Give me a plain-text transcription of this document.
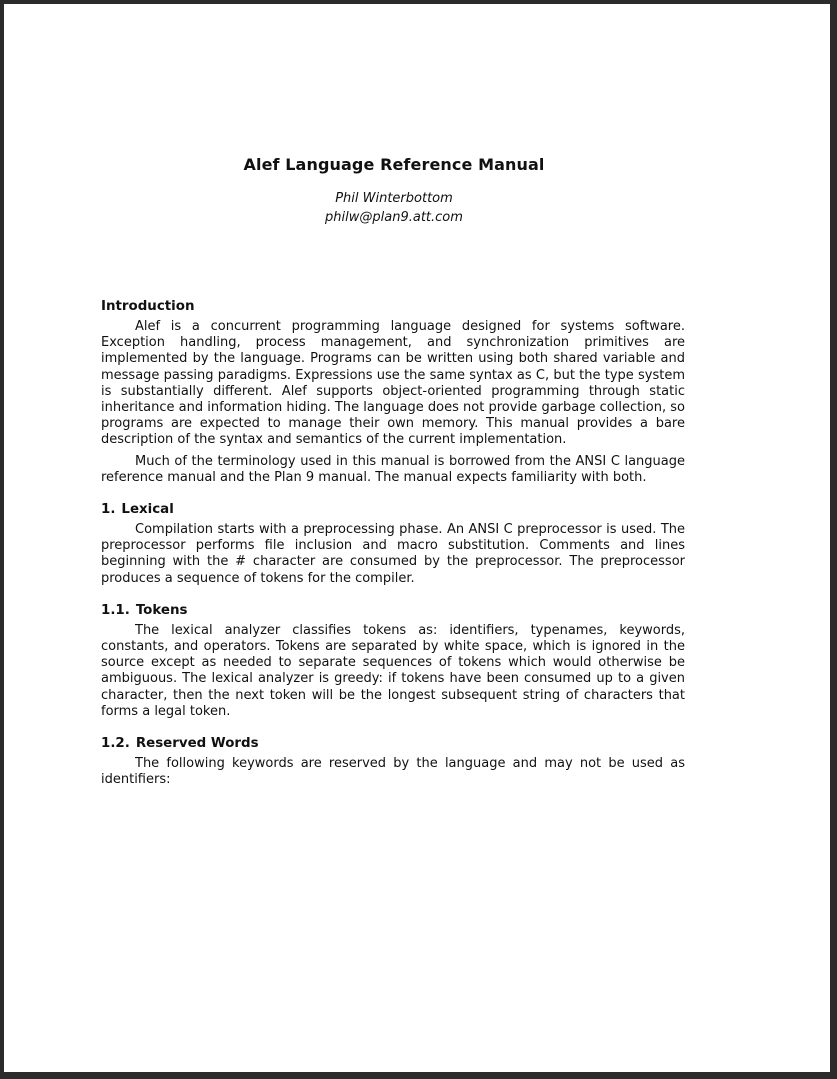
Alef Language Reference Manual
Phil Winterbottom
philw@plan9.att.com
Introduction

Alef is a concurrent programming language designed for systems software. Exception handling, process management, and synchronization primitives are implemented by the language. Programs can be written using both shared variable and message passing paradigms. Expressions use the same syntax as C, but the type system is substantially different. Alef supports object-oriented programming through static inheritance and information hiding. The language does not provide garbage collection, so programs are expected to manage their own memory. This manual provides a bare description of the syntax and semantics of the current implementation.

Much of the terminology used in this manual is borrowed from the ANSI C language reference manual and the Plan 9 manual. The manual expects familiarity with both.

1. Lexical

Compilation starts with a preprocessing phase. An ANSI C preprocessor is used. The preprocessor performs file inclusion and macro substitution. Comments and lines beginning with the # character are consumed by the preprocessor. The preprocessor produces a sequence of tokens for the compiler.

1.1. Tokens

The lexical analyzer classifies tokens as: identifiers, typenames, keywords, constants, and operators. Tokens are separated by white space, which is ignored in the source except as needed to separate sequences of tokens which would otherwise be ambiguous. The lexical analyzer is greedy: if tokens have been consumed up to a given character, then the next token will be the longest subsequent string of characters that forms a legal token.

1.2. Reserved Words

The following keywords are reserved by the language and may not be used as identifiers:
